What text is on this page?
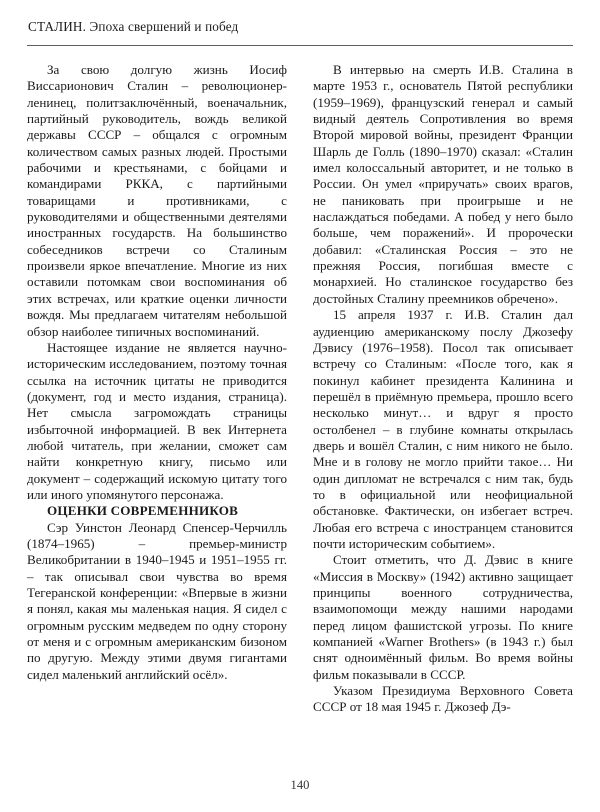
СТАЛИН. Эпоха свершений и побед

За свою долгую жизнь Иосиф Виссарионович Сталин – революционер-ленинец, политзаключённый, военачальник, партийный руководитель, вождь великой державы СССР – общался с огромным количеством самых разных людей. Простыми рабочими и крестьянами, с бойцами и командирами РККА, с партийными товарищами и противниками, с руководителями и общественными деятелями иностранных государств. На большинство собеседников встречи со Сталиным произвели яркое впечатление. Многие из них оставили потомкам свои воспоминания об этих встречах, или краткие оценки личности вождя. Мы предлагаем читателям небольшой обзор наиболее типичных воспоминаний.

Настоящее издание не является научно-историческим исследованием, поэтому точная ссылка на источник цитаты не приводится (документ, год и место издания, страница). Нет смысла загромождать страницы избыточной информацией. В век Интернета любой читатель, при желании, сможет сам найти конкретную книгу, письмо или документ – содержащий искомую цитату того или иного упомянутого персонажа.

ОЦЕНКИ СОВРЕМЕННИКОВ

Сэр Уинстон Леонард Спенсер-Черчилль (1874–1965) – премьер-министр Великобритании в 1940–1945 и 1951–1955 гг. – так описывал свои чувства во время Тегеранской конференции: «Впервые в жизни я понял, какая мы маленькая нация. Я сидел с огромным русским медведем по одну сторону от меня и с огромным американским бизоном по другую. Между этими двумя гигантами сидел маленький английский осёл».

В интервью на смерть И.В. Сталина в марте 1953 г., основатель Пятой республики (1959–1969), французский генерал и самый видный деятель Сопротивления во время Второй мировой войны, президент Франции Шарль де Голль (1890–1970) сказал: «Сталин имел колоссальный авторитет, и не только в России. Он умел «приручать» своих врагов, не паниковать при проигрыше и не наслаждаться победами. А побед у него было больше, чем поражений». И пророчески добавил: «Сталинская Россия – это не прежняя Россия, погибшая вместе с монархией. Но сталинское государство без достойных Сталину преемников обречено».

15 апреля 1937 г. И.В. Сталин дал аудиенцию американскому послу Джозефу Дэвису (1976–1958). Посол так описывает встречу со Сталиным: «После того, как я покинул кабинет президента Калинина и перешёл в приёмную премьера, прошло всего несколько минут… и вдруг я просто остолбенел – в глубине комнаты открылась дверь и вошёл Сталин, с ним никого не было. Мне и в голову не могло прийти такое… Ни один дипломат не встречался с ним так, будь то в официальной или неофициальной обстановке. Фактически, он избегает встреч. Любая его встреча с иностранцем становится почти историческим событием».

Стоит отметить, что Д. Дэвис в книге «Миссия в Москву» (1942) активно защищает принципы военного сотрудничества, взаимопомощи между нашими народами перед лицом фашистской угрозы. По книге компанией «Warner Brothers» (в 1943 г.) был снят одноимённый фильм. Во время войны фильм показывали в СССР.

Указом Президиума Верховного Совета СССР от 18 мая 1945 г. Джозеф Дэ-

140
